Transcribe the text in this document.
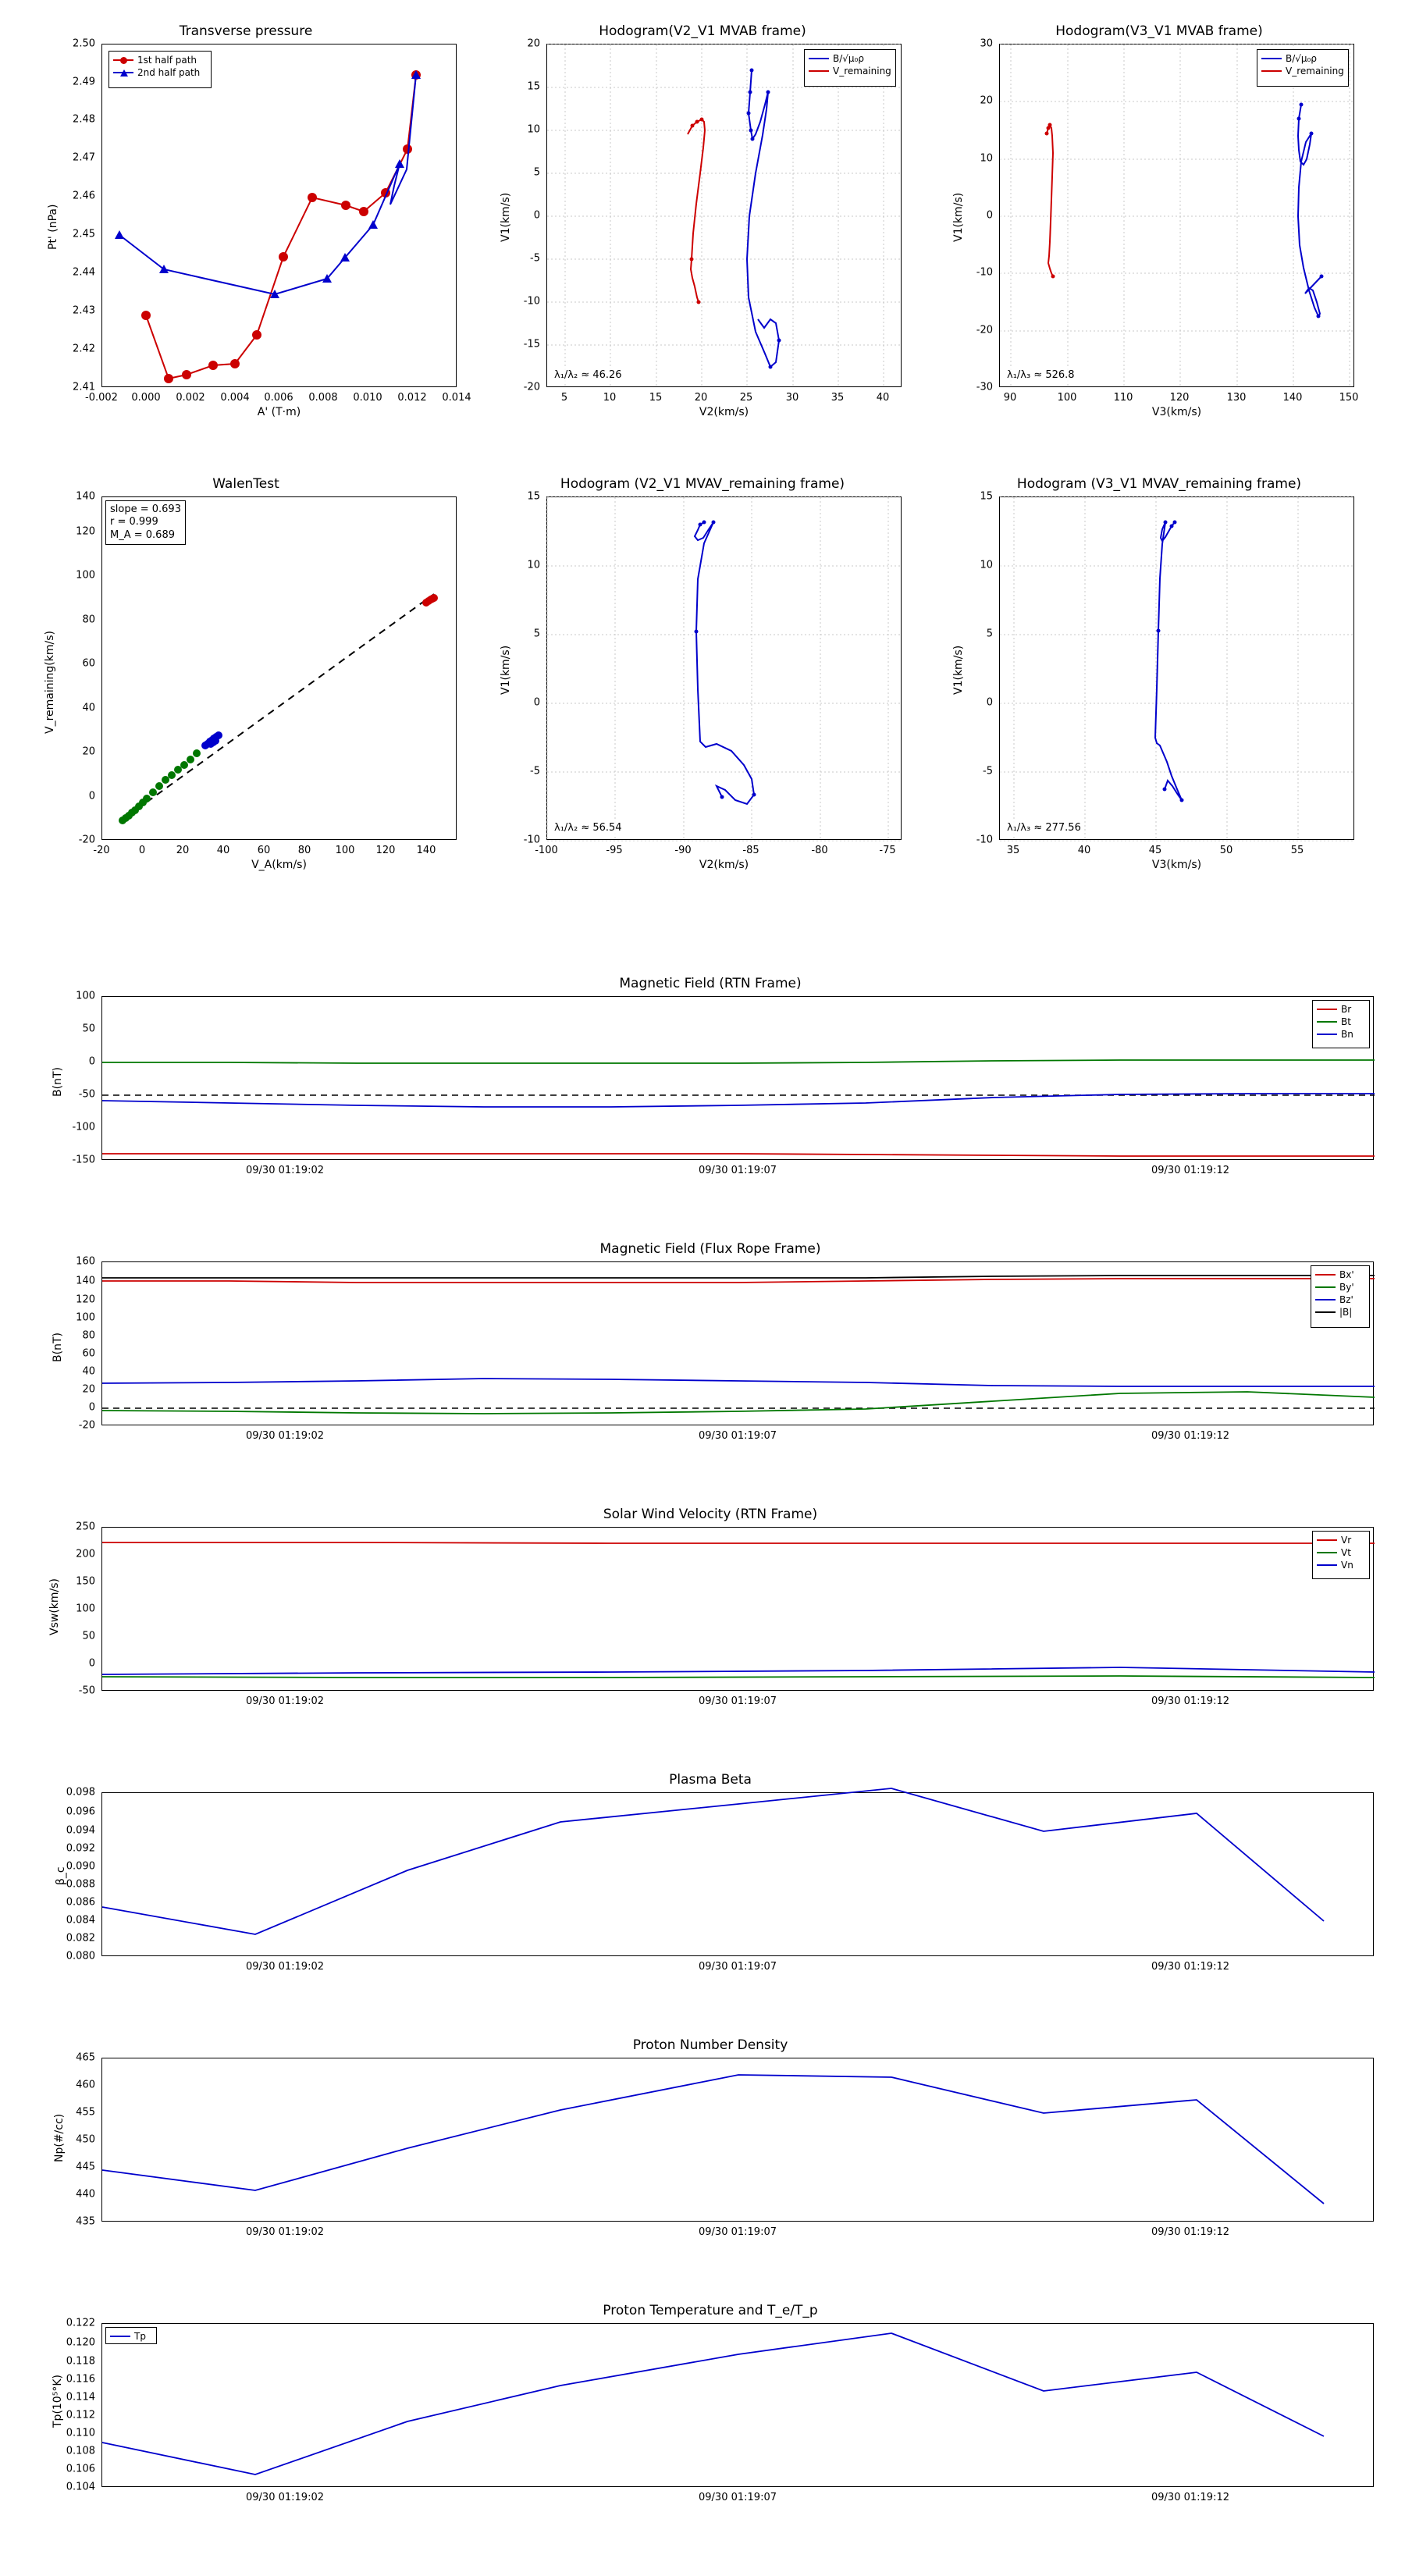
Transverse pressure
1st half path
2nd half path
Pt' (nPa)
A' (T·m)
2.41
2.42
2.43
2.44
2.45
2.46
2.47
2.48
2.49
2.50
-0.002 0.000 0.002 0.004 0.006 0.008 0.010 0.012 0.014
Hodogram(V2_V1 MVAB frame)
B/√μ₀ρ
V_remaining
λ₁/λ₂ ≈ 46.26
V1(km/s)
V2(km/s)
-20
-15
-10
-5
0
5
10
15
20
5	10	15	20	25	30	35	40
Hodogram(V3_V1 MVAB frame)
B/√μ₀ρ
V_remaining
λ₁/λ₃ ≈ 526.8
V1(km/s)
V3(km/s)
-30
-20
-10
0
10
20
30
90	100	110	120	130	140	150
WalenTest
slope = 0.693
r = 0.999
M_A = 0.689
V_remaining(km/s)
V_A(km/s)
-20
0
20
40
60
80
100
120
140
-20	0	20	40	60	80 100 120 140
Hodogram (V2_V1 MVAV_remaining frame)
λ₁/λ₂ ≈ 56.54
V1(km/s)
V2(km/s)
-10
-5
0
5
10
15
-100	-95	-90	-85	-80	-75
Hodogram (V3_V1 MVAV_remaining frame)
λ₁/λ₃ ≈ 277.56
V1(km/s)
V3(km/s)
-10
-5
0
5
10
15
35	40	45	50	55
Magnetic Field (RTN Frame)
Br
Bt
Bn
B(nT)
-150
-100
-50
0
50
100
09/30 01:19:02	09/30 01:19:07	09/30 01:19:12
Magnetic Field (Flux Rope Frame)
Bx'
By'
Bz'
|B|
B(nT)
-20
0
20
40
60
80
100
120
140
160
09/30 01:19:02	09/30 01:19:07	09/30 01:19:12
Solar Wind Velocity (RTN Frame)
Vr
Vt
Vn
Vsw(km/s)
-50
0
50
100
150
200
250
09/30 01:19:02	09/30 01:19:07	09/30 01:19:12
Plasma Beta
β_c
0.080
0.082
0.084
0.086
0.088
0.090
0.092
0.094
0.096
0.098
09/30 01:19:02	09/30 01:19:07	09/30 01:19:12
Proton Number Density
Np(#/cc)
435
440
445
450
455
460
465
09/30 01:19:02	09/30 01:19:07	09/30 01:19:12
Proton Temperature and T_e/T_p
Tp
Tp(10⁵°K)
0.104
0.106
0.108
0.110
0.112
0.114
0.116
0.118
0.120
0.122
09/30 01:19:02	09/30 01:19:07	09/30 01:19:12
